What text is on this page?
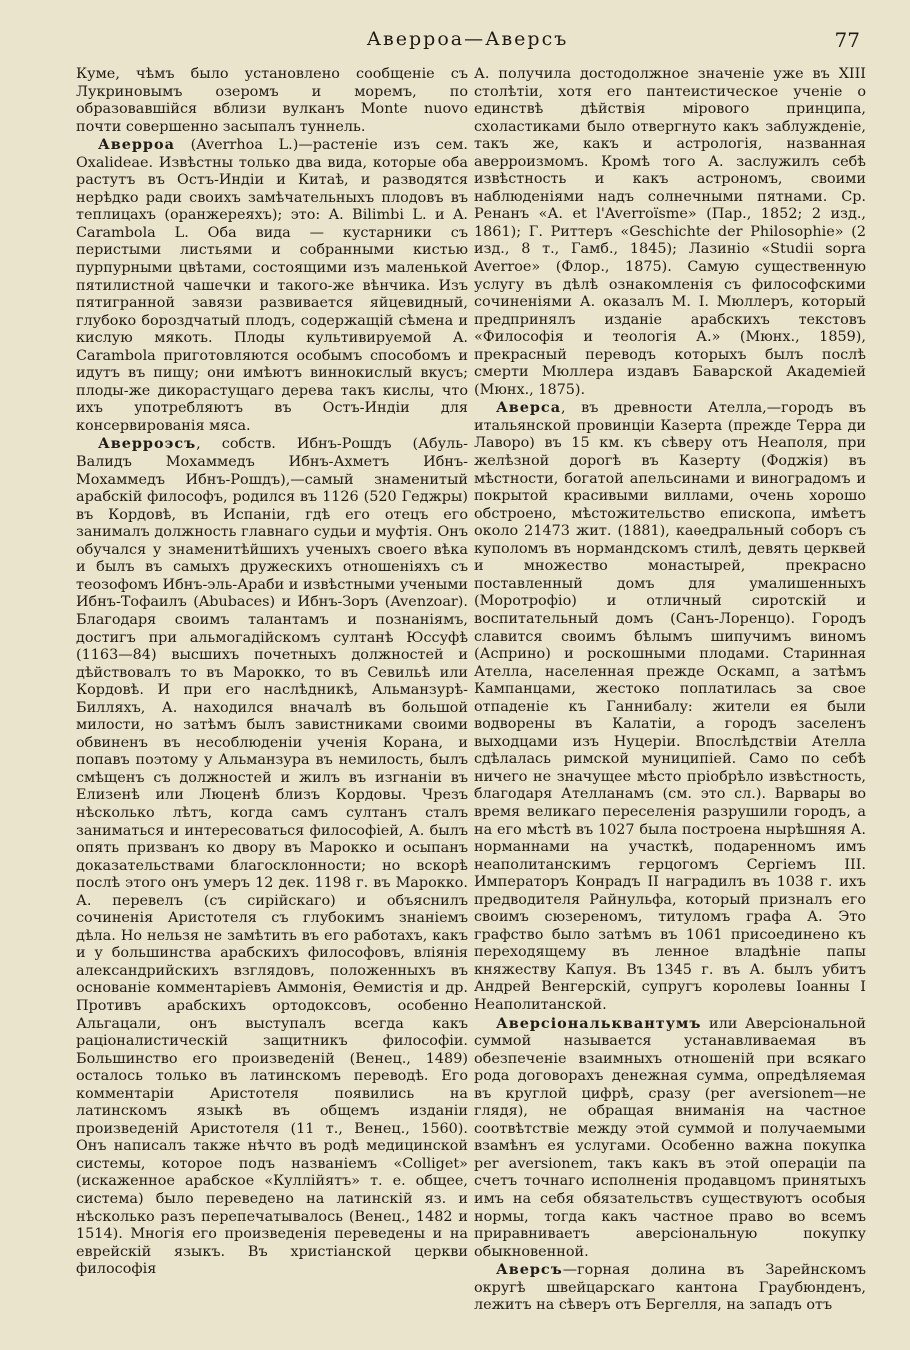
Аверроа—Аверсъ	77

Куме, чѣмъ было установлено сообщенiе съ Лукриновымъ озеромъ и моремъ, по образовавшійся вблизи вулканъ Monte nuovo почти совершенно засыпалъ туннель.

Аверроа (Averrhoa L.)—растеніе изъ сем. Oxalideae. Извѣстны только два вида, которые оба растутъ въ Остъ-Индіи и Китаѣ, и разводятся нерѣдко ради своихъ замѣчательныхъ плодовъ въ теплицахъ (оранжереяхъ); это: A. Bilimbi L. и A. Carambola L. Оба вида — кустарники съ перистыми листьями и собранными кистью пурпурными цвѣтами, состоящими изъ маленькой пятилистной чашечки и такого-же вѣнчика. Изъ пятигранной завязи развивается яйцевидный, глубоко бороздчатый плодъ, содержащій сѣмена и кислую мякоть. Плоды культивируемой A. Carambola приготовляются особымъ способомъ и идутъ въ пищу; они имѣютъ виннокислый вкусъ; плоды-же дикорастущаго дерева такъ кислы, что ихъ употребляютъ въ Остъ-Индіи для консервированія мяса.

Аверроэсъ, собств. Ибнъ-Рошдъ (Абуль-Валидъ Мохаммедъ Ибнъ-Ахметъ Ибнъ-Мохаммедъ Ибнъ-Рошдъ),—самый знаменитый арабскій философъ, родился въ 1126 (520 Геджры) въ Кордовѣ, въ Испаніи, гдѣ его отецъ его занималъ должность главнаго судьи и муфтія. Онъ обучался у знаменитѣйшихъ ученыхъ своего вѣка и былъ въ самыхъ дружескихъ отношеніяхъ съ теозофомъ Ибнъ-эль-Араби и извѣстными учеными Ибнъ-Тофаилъ (Abubaces) и Ибнъ-Зоръ (Avenzoar). Благодаря своимъ талантамъ и познаніямъ, достигъ при альмогадійскомъ султанѣ Юсcуфѣ (1163—84) высшихъ почетныхъ должностей и дѣйствовалъ то въ Марокко, то въ Севильѣ или Кордовѣ. И при его наслѣдникѣ, Альманзурѣ-Билляхъ, А. находился вначалѣ въ большой милости, но затѣмъ былъ завистниками своими обвиненъ въ несоблюденіи ученія Корана, и попавъ поэтому у Альманзура въ немилость, былъ смѣщенъ съ должностей и жилъ въ изгнаніи въ Елизенѣ или Люценѣ близъ Кордовы. Чрезъ нѣсколько лѣтъ, когда самъ султанъ сталъ заниматься и интересоваться философіей, А. былъ опять призванъ ко двору въ Марокко и осыпанъ доказательствами благосклонности; но вскорѣ послѣ этого онъ умеръ 12 дек. 1198 г. въ Марокко. А. перевелъ (съ сирійскаго) и объяснилъ сочиненія Аристотеля съ глубокимъ знаніемъ дѣла. Но нельзя не замѣтить въ его работахъ, какъ и у большинства арабскихъ философовъ, вліянія александрийскихъ взглядовъ, положенныхъ въ основаніе комментаріевъ Аммонія, Өемистія и др. Противъ арабскихъ ортодоксовъ, особенно Альгацали, онъ выступалъ всегда какъ раціоналистическій защитникъ философіи. Большинство его произведеній (Венец., 1489) осталось только въ латинскомъ переводѣ. Его комментаріи Аристотеля появились на латинскомъ языкѣ въ общемъ изданіи произведеній Аристотеля (11 т., Венец., 1560). Онъ написалъ также нѣчто въ родѣ медицинской системы, которое подъ названіемъ «Colliget» (искаженное арабское «Куллійятъ» т. е. общее, система) было переведено на латинскій яз. и нѣсколько разъ перепечатывалось (Венец., 1482 и 1514). Многія его произведенія переведены и на еврейскій языкъ. Въ христіанской церкви философія

А. получила достодолжное значеніе уже въ XIII столѣтіи, хотя его пантеистическое ученіе о единствѣ дѣйствія мірового принципа, схоластиками было отвергнуто какъ заблужденіе, такъ же, какъ и астрологія, названная аверроизмомъ. Кромѣ того А. заслужилъ себѣ извѣстность и какъ астрономъ, своими наблюденіями надъ солнечными пятнами. Ср. Ренанъ «А. et l'Averroïsme» (Пар., 1852; 2 изд., 1861); Г. Риттеръ «Geschichte der Philosophie» (2 изд., 8 т., Гамб., 1845); Лазинiо «Studii sopra Averroe» (Флор., 1875). Самую существенную услугу въ дѣлѣ ознакомленія съ философскими сочиненіями А. оказалъ М. І. Мюллеръ, который предпринялъ изданіе арабскихъ текстовъ «Философія и теологія А.» (Мюнх., 1859), прекрасный переводъ которыхъ былъ послѣ смерти Мюллера издавъ Баварской Академіей (Мюнх., 1875).

Аверса, въ древности Ателла,—городъ въ итальянской провинціи Казерта (прежде Терра ди Лаворо) въ 15 км. къ сѣверу отъ Неаполя, при желѣзной дорогѣ въ Казерту (Фоджія) въ мѣстности, богатой апельсинами и виноградомъ и покрытой красивыми виллами, очень хорошо обстроено, мѣстожительство епископа, имѣетъ около 21473 жит. (1881), каѳедральный соборъ съ куполомъ въ нормандскомъ стилѣ, девять церквей и множество монастырей, прекрасно поставленный домъ для умалишенныхъ (Моротрофіо) и отличный сиротскій и воспитательный домъ (Санъ-Лоренцо). Городъ славится своимъ бѣлымъ шипучимъ виномъ (Асприно) и роскошными плодами. Старинная Ателла, населенная прежде Оскамп, а затѣмъ Кампанцами, жестоко поплатилась за свое отпаденіе къ Ганнибалу: жители ея были водворены въ Калатіи, а городъ заселенъ выходцами изъ Нуцеріи. Впослѣдствіи Ателла сдѣлалась римской муниципіей. Само по себѣ ничего не значущее мѣсто пріобрѣло извѣстность, благодаря Ателланамъ (см. это сл.). Варвары во время великаго переселенія разрушили городъ, а на его мѣстѣ въ 1027 была построена нырѣшняя А. норманнами на участкѣ, подаренномъ имъ неаполитанскимъ герцогомъ Сергіемъ III. Императоръ Конрадъ II наградилъ въ 1038 г. ихъ предводителя Райнульфа, который призналъ его своимъ сюзереномъ, титуломъ графа А. Это графство было затѣмъ въ 1061 присоединено къ переходящему въ ленное владѣніе папы княжеству Капуя. Въ 1345 г. въ А. былъ убитъ Андрей Венгерскій, супругъ королевы Іоанны I Неаполитанской.

Аверсіональквантумъ или Аверсіональной суммой называется устанавливаемая въ обезпеченіе взаимныхъ отношеній при всякаго рода договорахъ денежная сумма, опредѣляемая въ круглой цифрѣ, сразу (per aversionem—не глядя), не обращая вниманія на частное соотвѣтствіе между этой суммой и получаемыми взамѣнъ ея услугами. Особенно важна покупка per aversionem, такъ какъ въ этой операціи па счетъ точнаго исполненія продавцомъ принятыхъ имъ на себя обязательствъ существуютъ особыя нормы, тогда какъ частное право во всемъ приравниваетъ аверсіональную покупку обыкновенной.

Аверсъ—горная долина въ Зарейнскомъ округѣ швейцарскаго кантона Граубюнденъ, лежитъ на сѣверъ отъ Бергелля, на западъ отъ
